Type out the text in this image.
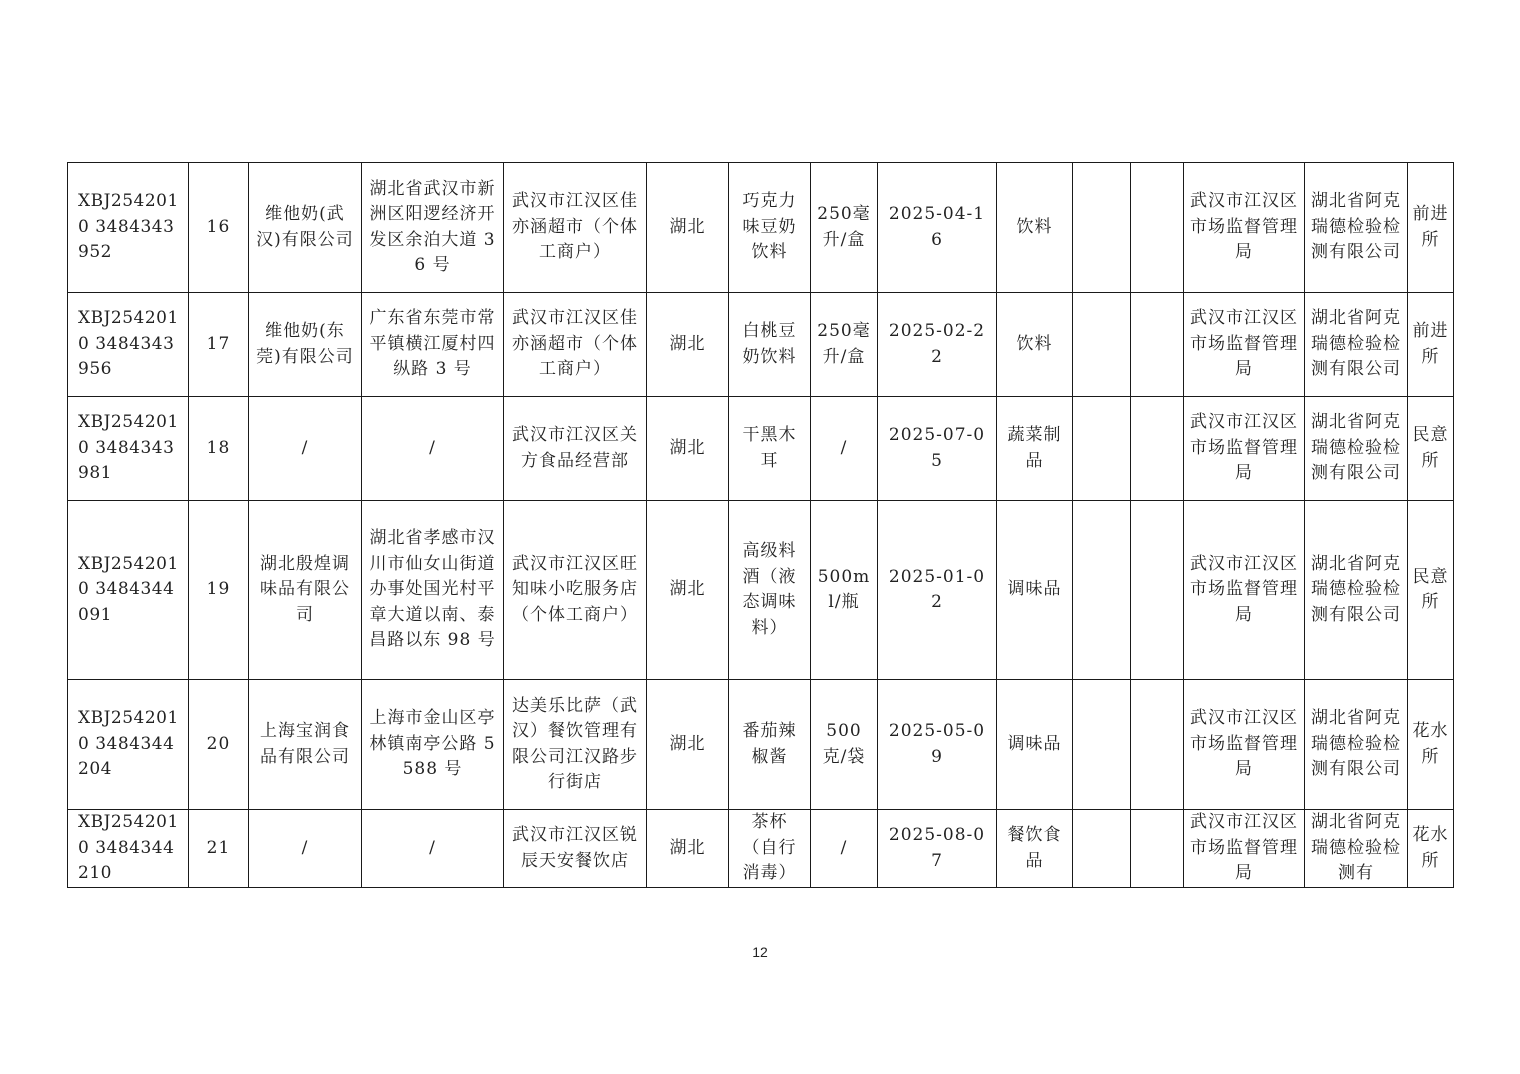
XBJ2542010 3484343952	16	维他奶(武汉)有限公司	湖北省武汉市新洲区阳逻经济开发区余泊大道 36 号	武汉市江汉区佳亦涵超市（个体工商户）	湖北	巧克力味豆奶饮料	250毫升/盒	2025-04-16	饮料			武汉市江汉区市场监督管理局	湖北省阿克瑞德检验检测有限公司	前进所
XBJ2542010 3484343956	17	维他奶(东莞)有限公司	广东省东莞市常平镇横江厦村四纵路 3 号	武汉市江汉区佳亦涵超市（个体工商户）	湖北	白桃豆奶饮料	250毫升/盒	2025-02-22	饮料			武汉市江汉区市场监督管理局	湖北省阿克瑞德检验检测有限公司	前进所
XBJ2542010 3484343981	18	/	/	武汉市江汉区关方食品经营部	湖北	干黑木耳	/	2025-07-05	蔬菜制品			武汉市江汉区市场监督管理局	湖北省阿克瑞德检验检测有限公司	民意所
XBJ2542010 3484344091	19	湖北殷煌调味品有限公司	湖北省孝感市汉川市仙女山街道办事处国光村平章大道以南、泰昌路以东 98 号	武汉市江汉区旺知味小吃服务店（个体工商户）	湖北	高级料酒（液态调味料）	500ml/瓶	2025-01-02	调味品			武汉市江汉区市场监督管理局	湖北省阿克瑞德检验检测有限公司	民意所
XBJ2542010 3484344204	20	上海宝润食品有限公司	上海市金山区亭林镇南亭公路 5588 号	达美乐比萨（武汉）餐饮管理有限公司江汉路步行街店	湖北	番茄辣椒酱	500克/袋	2025-05-09	调味品			武汉市江汉区市场监督管理局	湖北省阿克瑞德检验检测有限公司	花水所
XBJ2542010 3484344210	21	/	/	武汉市江汉区锐辰天安餐饮店	湖北	茶杯（自行消毒）	/	2025-08-07	餐饮食品			武汉市江汉区市场监督管理局	湖北省阿克瑞德检验检测有	花水所
12
